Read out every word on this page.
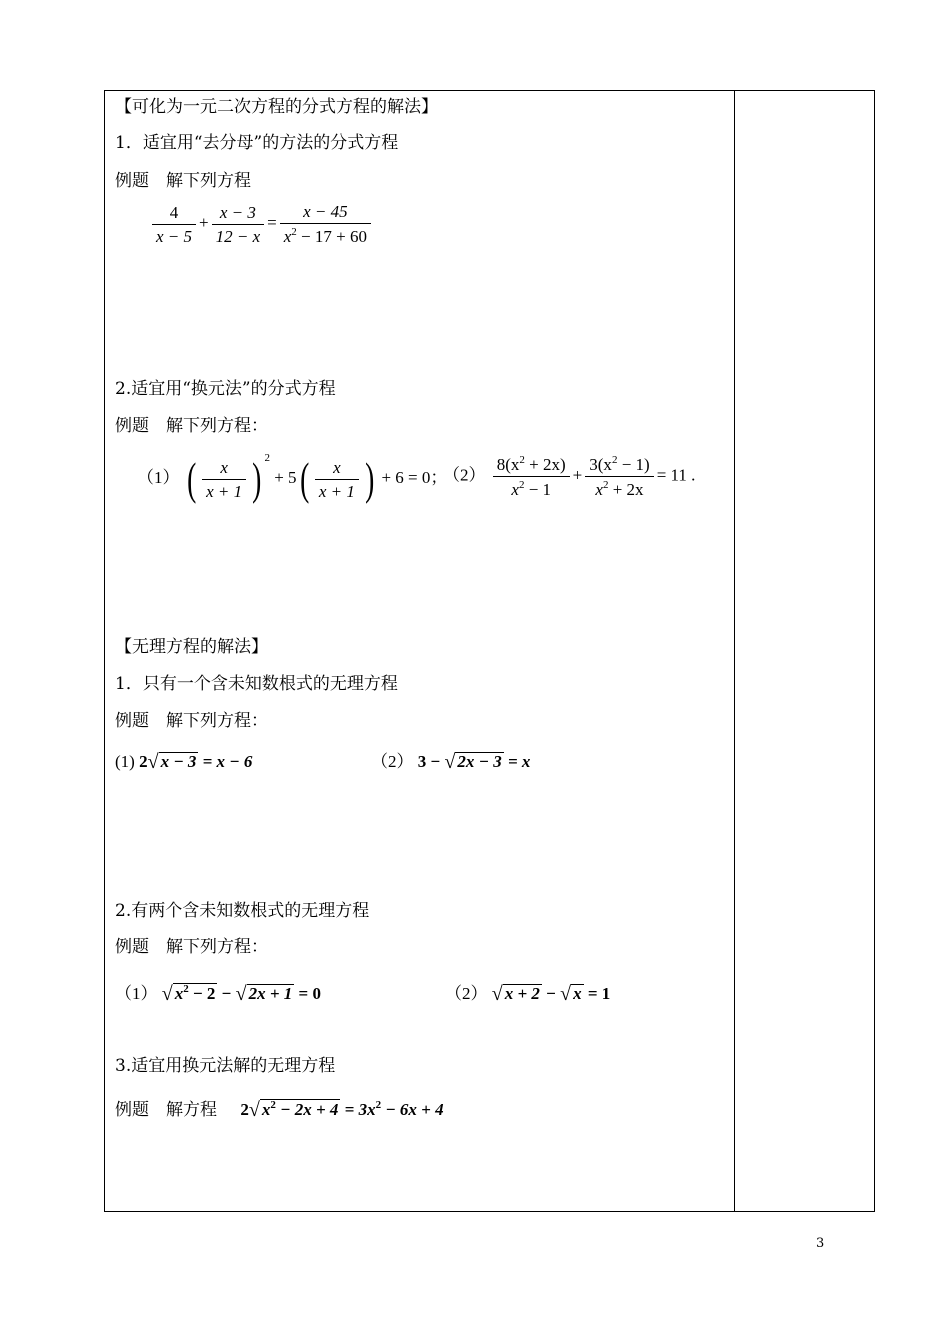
【可化为一元二次方程的分式方程的解法】
1．适宜用“去分母”的方法的分式方程
例题　解下列方程
$\frac{4}{x - 5} + \frac{x - 3}{12 - x} = \frac{x - 45}{x^2 - 17 + 60}$
2.适宜用“换元法”的分式方程
例题　解下列方程：
（1） ( $\frac{x}{x + 1}$ ) $^2 + 5( \frac{x}{x + 1}$ ) + 6 = 0；
$(2) \frac{8(x^2 + 2x)}{x^2 - 1} + \frac{3(x^2 - 1)}{x^2 + 2x} = 11$ .
【无理方程的解法】
1．只有一个含未知数根式的无理方程
例题　解下列方程：
(1) 2√ x − 3 = x − 6	（2） 3 − √ 2x − 3 = x
2.有两个含未知数根式的无理方程
例题　解下列方程：
（1） √ $x^2 - 2$ − √ 2x + 1 = 0	（2） √ x + 2 − √ x = 1
3.适宜用换元法解的无理方程
例题　解方程 2√ $x^2 - 2x + 4 = 3x^2 - 6x + 4$
3
